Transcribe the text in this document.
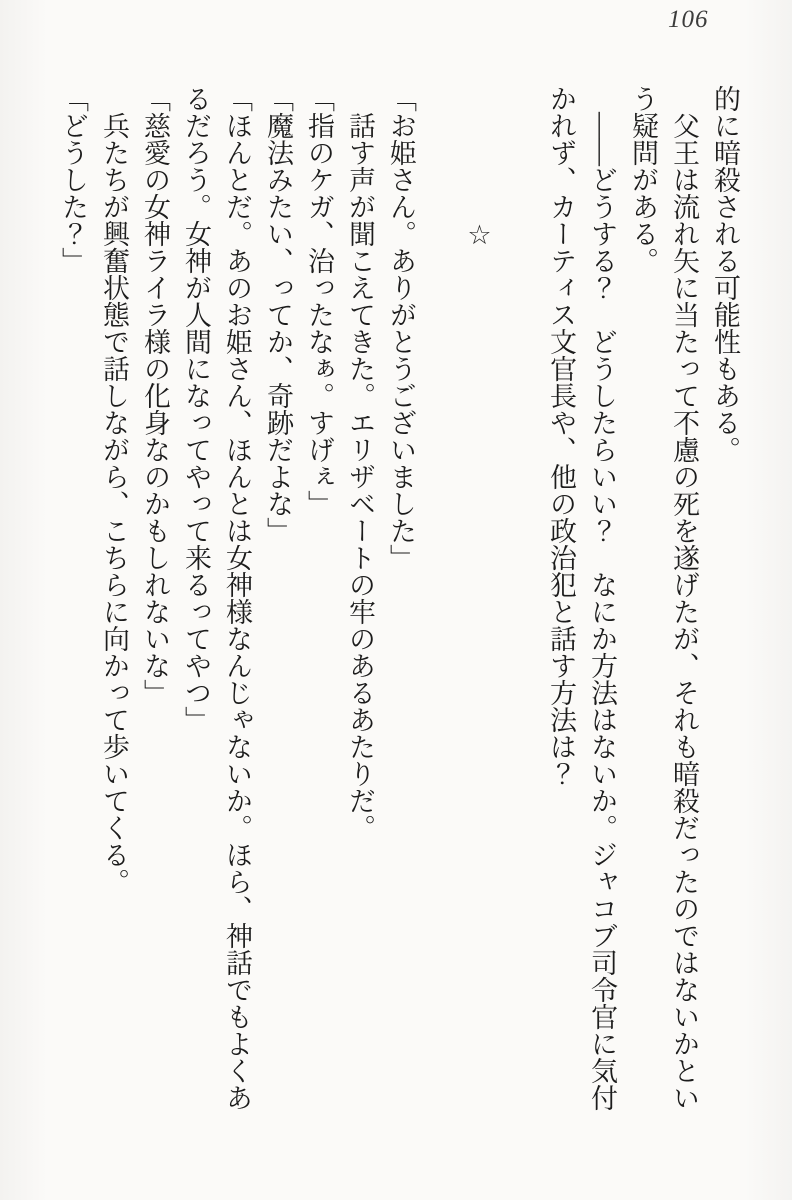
106

的に暗殺される可能性もある。

父王は流れ矢に当たって不慮の死を遂げたが、それも暗殺だったのではないかという疑問がある。

——どうする？　どうしたらいい？　なにか方法はないか。ジャコブ司令官に気付かれず、カーティス文官長や、他の政治犯と話す方法は？

☆

「お姫さん。ありがとうございました」

話す声が聞こえてきた。エリザベートの牢のあるあたりだ。

「指のケガ、治ったなぁ。すげぇ」

「魔法みたい、ってか、奇跡だよな」

「ほんとだ。あのお姫さん、ほんとは女神様なんじゃないか。ほら、神話でもよくあるだろう。女神が人間になってやって来るってやつ」

「慈愛の女神ライラ様の化身なのかもしれないな」

兵たちが興奮状態で話しながら、こちらに向かって歩いてくる。

「どうした？」
